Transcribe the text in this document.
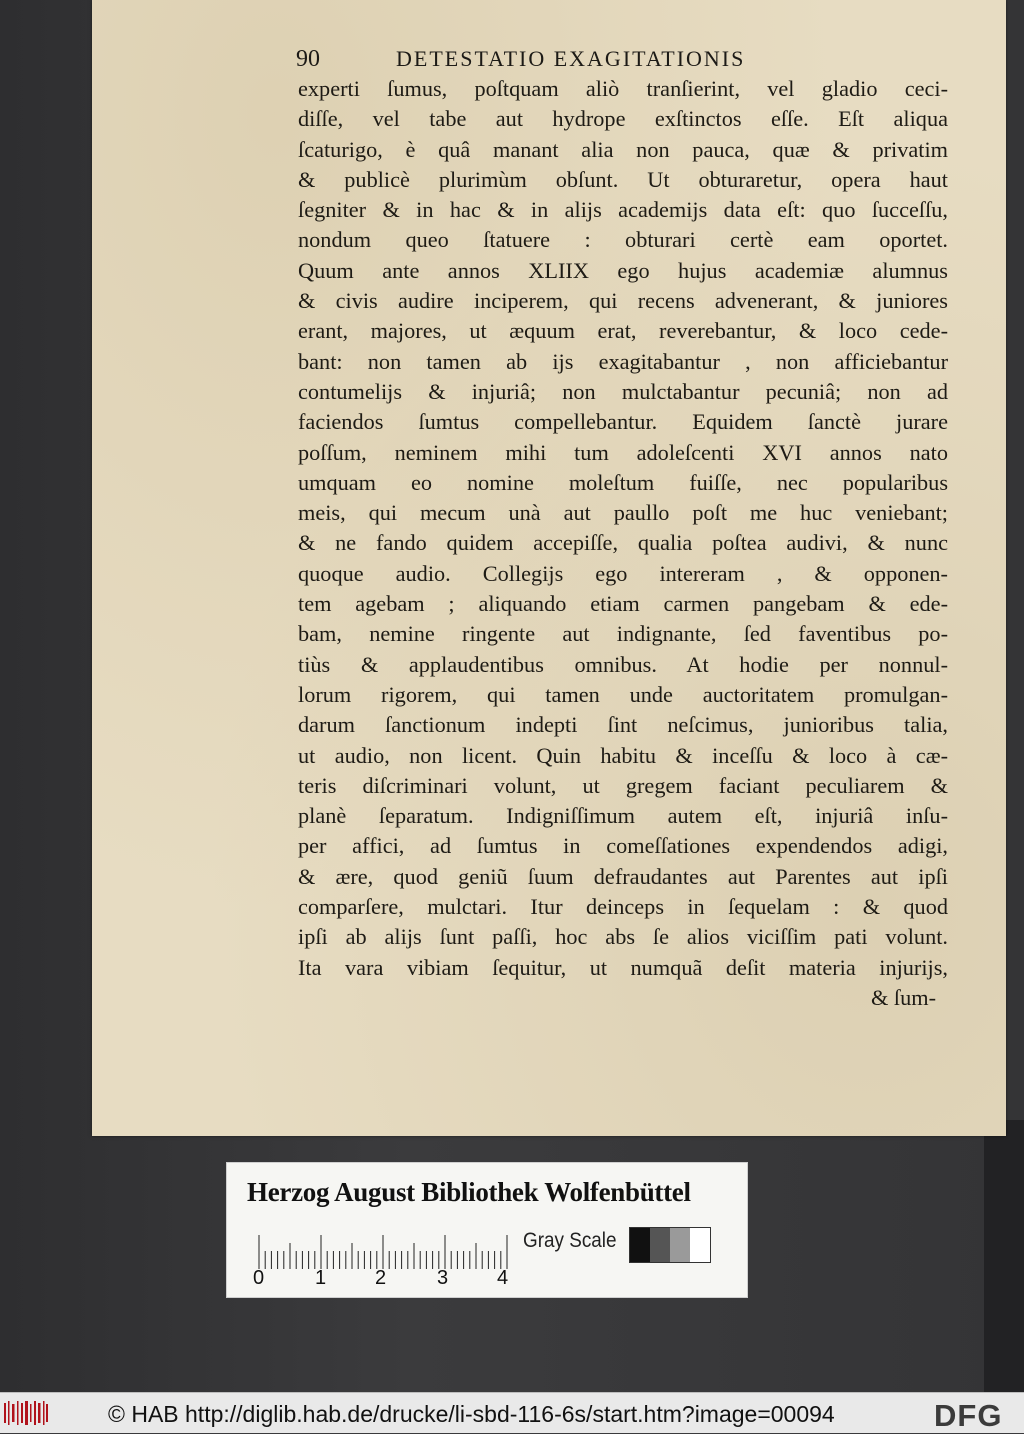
90	DETESTATIO EXAGITATIONIS
experti ſumus, poſtquam aliò tranſierint, vel gladio ceci-
diſſe, vel tabe aut hydrope exſtinctos eſſe. Eſt aliqua
ſcaturigo, è quâ manant alia non pauca, quæ & privatim
& publicè plurimùm obſunt. Ut obturaretur, opera haut
ſegniter & in hac & in alijs academijs data eſt: quo ſucceſſu,
nondum queo ſtatuere : obturari certè eam oportet.
Quum ante annos XLIIX ego hujus academiæ alumnus
& civis audire inciperem, qui recens advenerant, & juniores
erant, majores, ut æquum erat, reverebantur, & loco cede-
bant: non tamen ab ijs exagitabantur , non afficiebantur
contumelijs & injuriâ; non mulctabantur pecuniâ; non ad
faciendos ſumtus compellebantur. Equidem ſanctè jurare
poſſum, neminem mihi tum adoleſcenti XVI annos nato
umquam eo nomine moleſtum fuiſſe, nec popularibus
meis, qui mecum unà aut paullo poſt me huc veniebant;
& ne fando quidem accepiſſe, qualia poſtea audivi, & nunc
quoque audio. Collegijs ego intereram , & opponen-
tem agebam ; aliquando etiam carmen pangebam & ede-
bam, nemine ringente aut indignante, ſed faventibus po-
tiùs & applaudentibus omnibus. At hodie per nonnul-
lorum rigorem, qui tamen unde auctoritatem promulgan-
darum ſanctionum indepti ſint neſcimus, junioribus talia,
ut audio, non licent. Quin habitu & inceſſu & loco à cæ-
teris diſcriminari volunt, ut gregem faciant peculiarem &
planè ſeparatum. Indigniſſimum autem eſt, injuriâ inſu-
per affici, ad ſumtus in comeſſationes expendendos adigi,
& ære, quod geniũ ſuum defraudantes aut Parentes aut ipſi
comparſere, mulctari. Itur deinceps in ſequelam : & quod
ipſi ab alijs ſunt paſſi, hoc abs ſe alios viciſſim pati volunt.
Ita vara vibiam ſequitur, ut numquã deſit materia injurijs,
& ſum-
Herzog August Bibliothek Wolfenbüttel
0	1 2	3 4
Gray Scale
© HAB http://diglib.hab.de/drucke/li-sbd-116-6s/start.htm?image=00094	DFG
